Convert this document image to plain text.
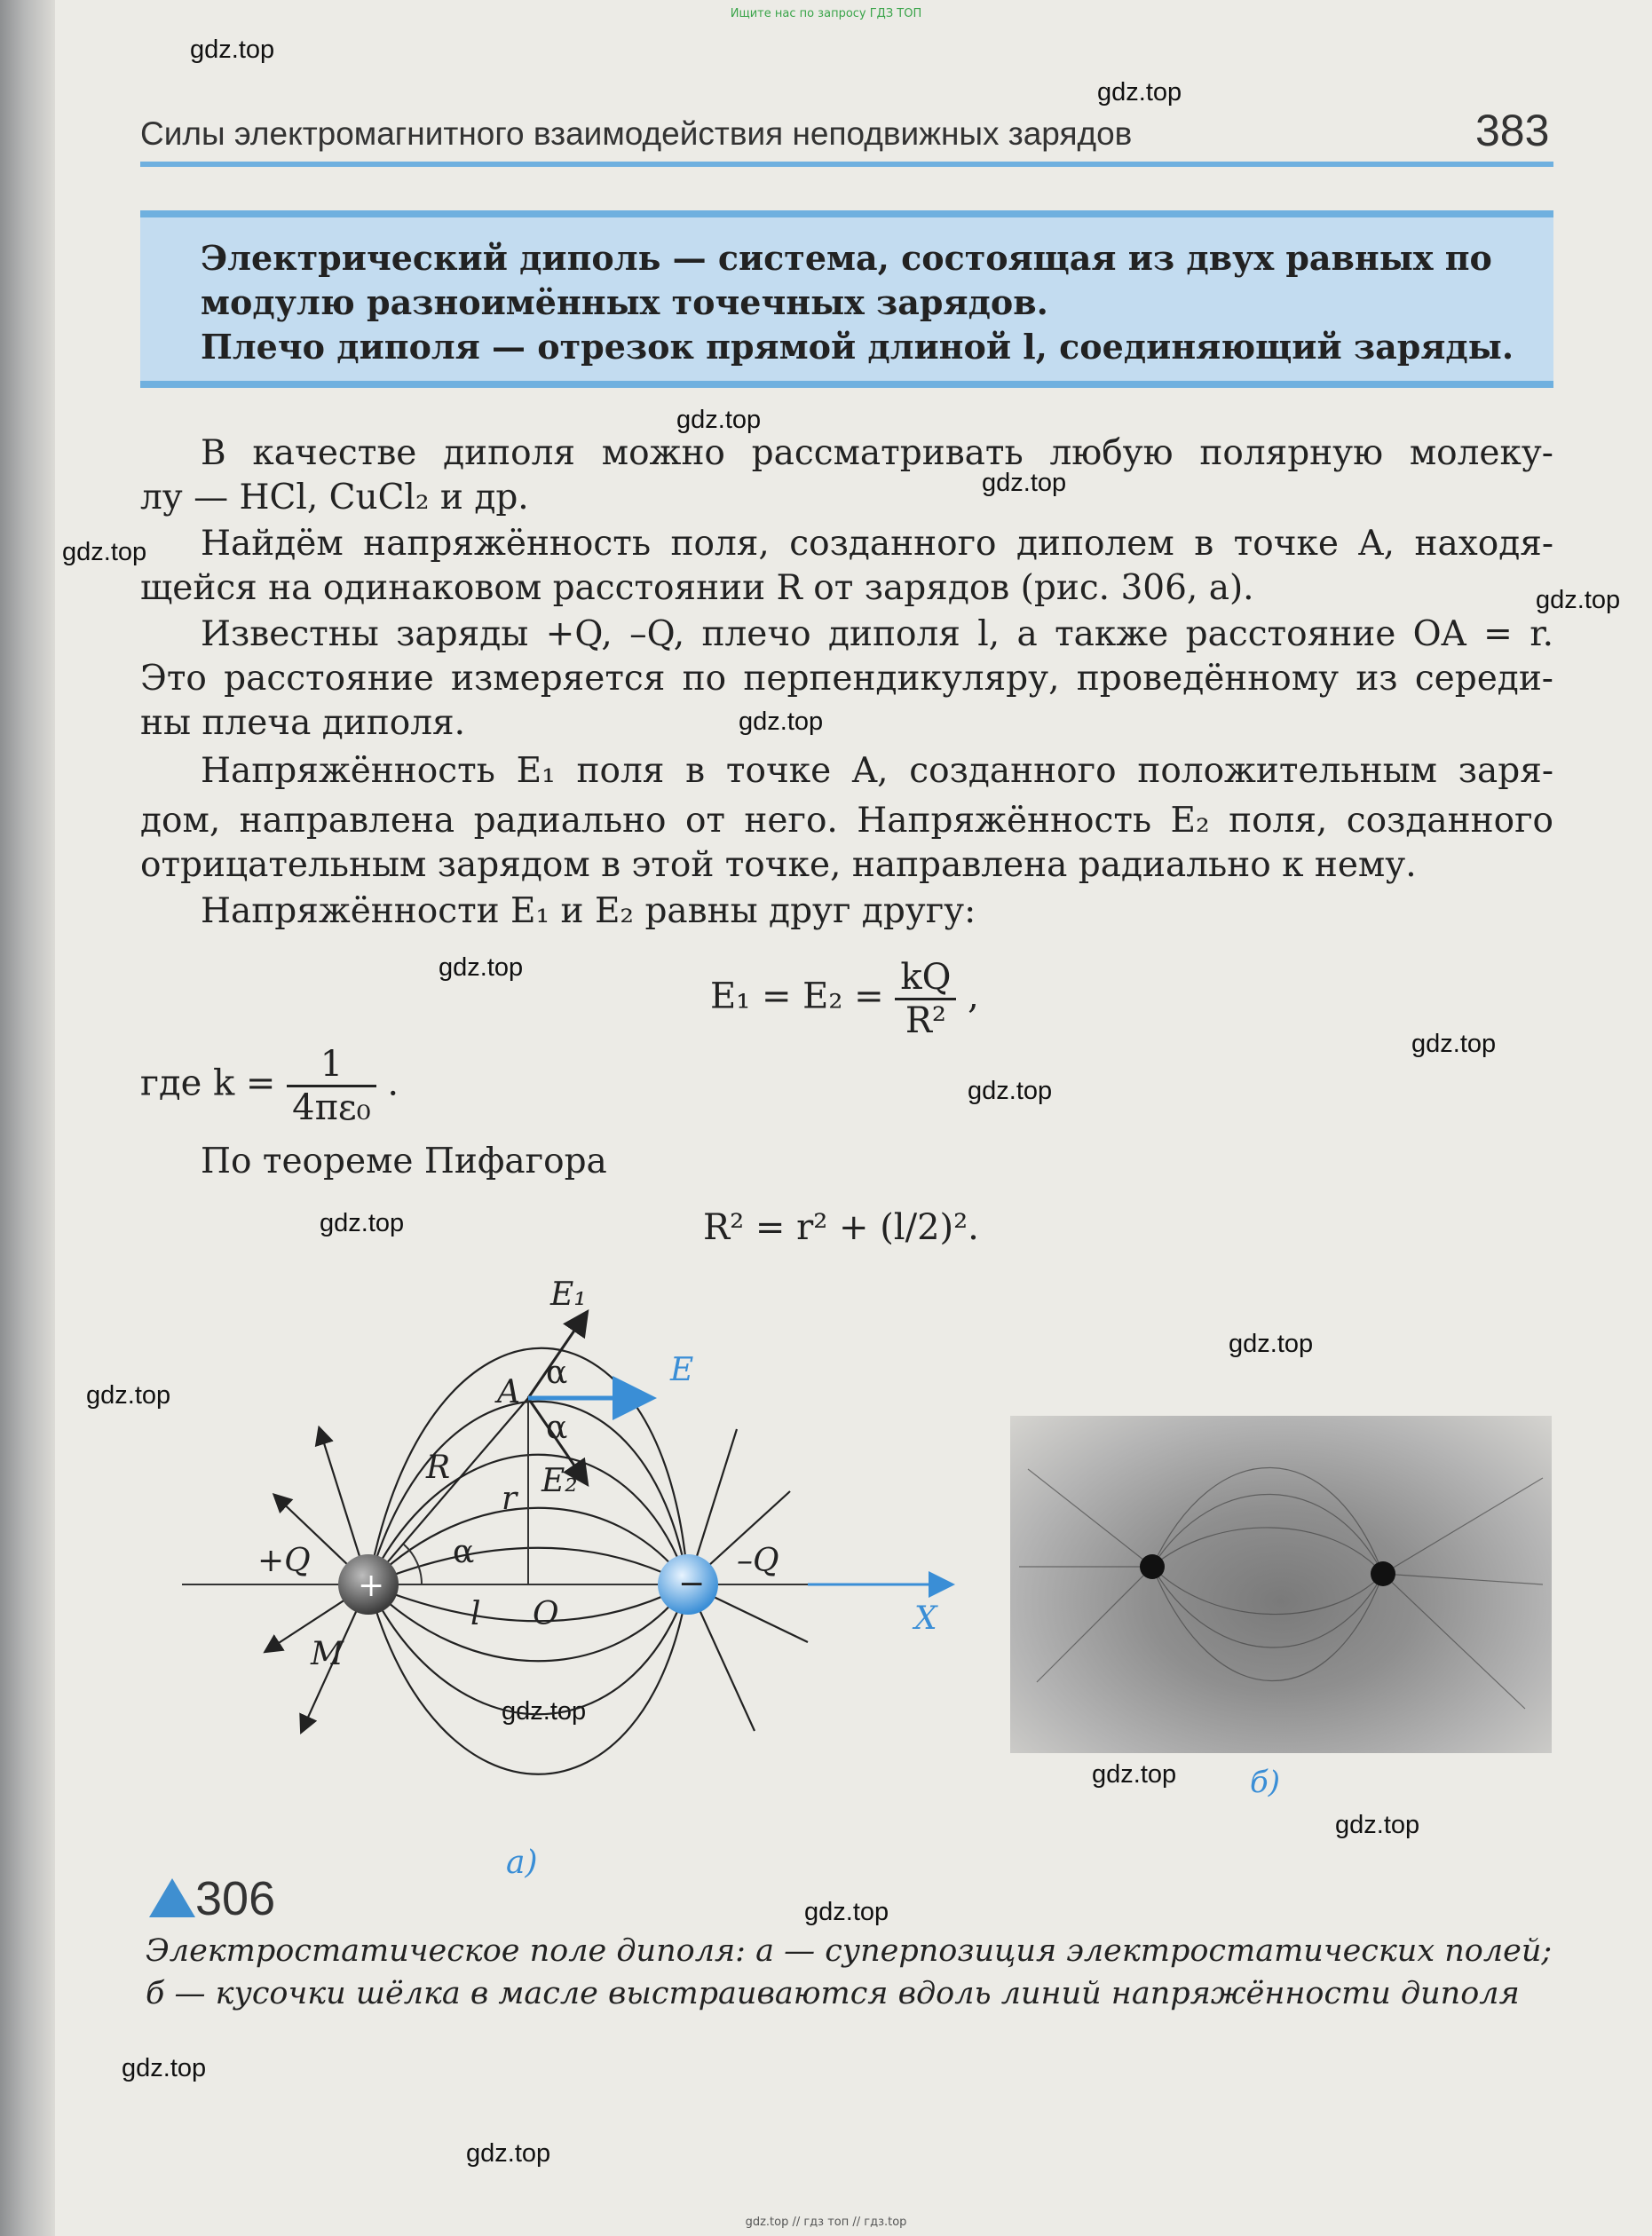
Ищите нас по запросу ГДЗ ТОП
gdz.top
gdz.top
gdz.top
gdz.top
gdz.top
gdz.top
gdz.top
gdz.top
gdz.top
gdz.top
gdz.top
gdz.top
gdz.top
gdz.top
gdz.top
gdz.top
gdz.top
gdz.top
gdz.top
Силы электромагнитного взаимодействия неподвижных зарядов	383
Электрический диполь — система, состоящая из двух равных по
модулю разноимённых точечных зарядов.
Плечо диполя — отрезок прямой длиной l, соединяющий заряды.
В качестве диполя можно рассматривать любую полярную молеку-
лу — HCl, CuCl₂ и др.
Найдём напряжённость поля, созданного диполем в точке A, находя-
щейся на одинаковом расстоянии R от зарядов (рис. 306, а).
Известны заряды +Q, –Q, плечо диполя l, а также расстояние OA = r.
Это расстояние измеряется по перпендикуляру, проведённому из середи-
ны плеча диполя.
Напряжённость E₁ поля в точке A, созданного положительным заря-
дом, направлена радиально от него. Напряжённость E₂ поля, созданного
отрицательным зарядом в этой точке, направлена радиально к нему.
Напряжённости E₁ и E₂ равны друг другу:
$E_1 = E_2 = \frac{kQ}{\text{R²}}$ ,
где $k = \frac{1}{\text{4πε₀}}$ .
По теореме Пифагора
R² = r² + (l/2)².
+	−
+Q	–Q
A
O
M
R
r
l	X
α
α
α
E₁
E₂
E
а)
б)
306
Электростатическое поле диполя: а — суперпозиция электростатических полей;
б — кусочки шёлка в масле выстраиваются вдоль линий напряжённости диполя
gdz.top // гдз топ // гдз.top
